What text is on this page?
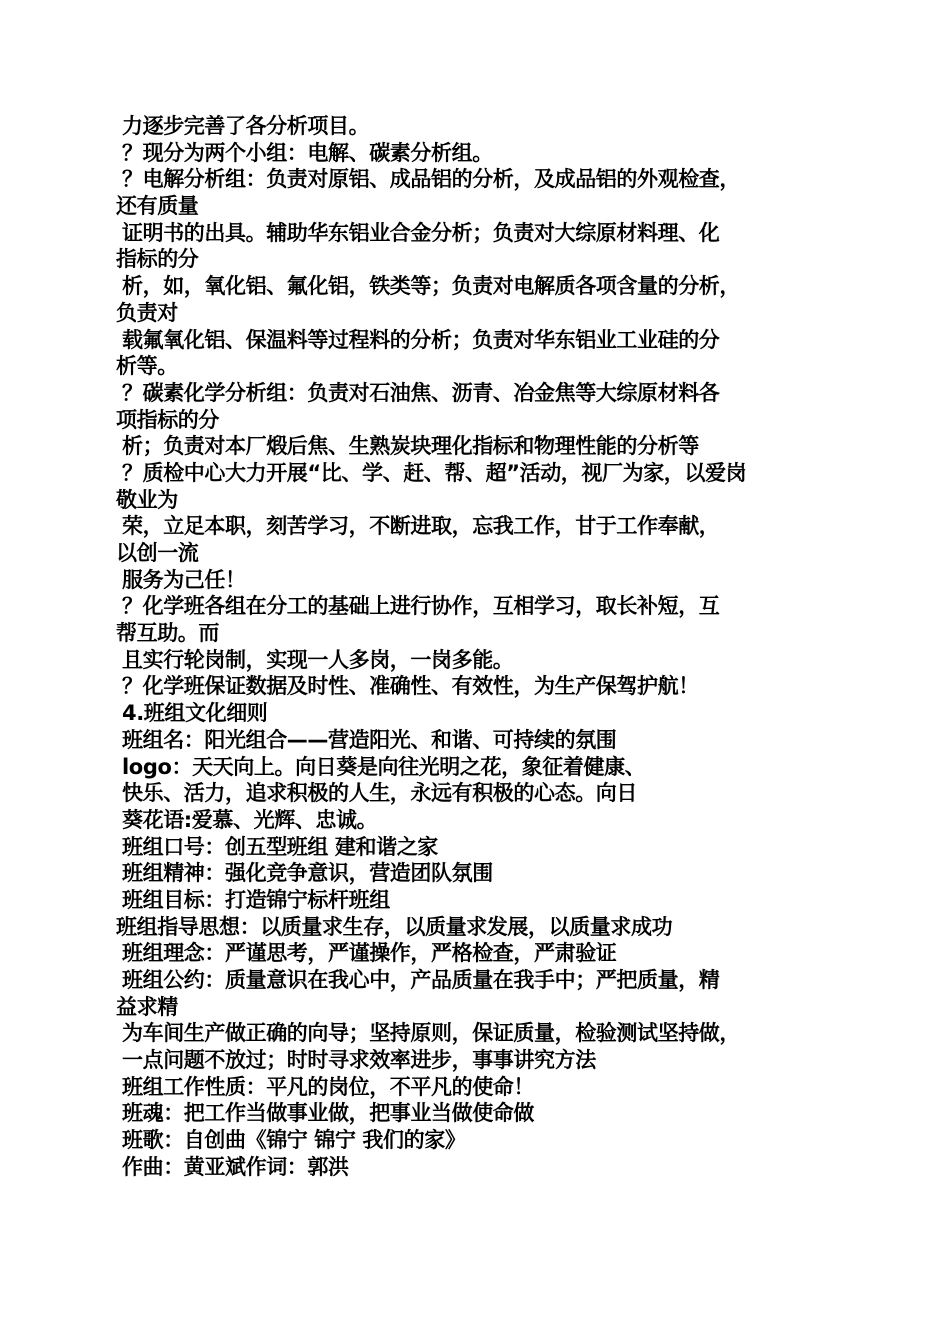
力逐步完善了各分析项目。
？现分为两个小组：电解、碳素分析组。
？电解分析组：负责对原铝、成品铝的分析，及成品铝的外观检查，
还有质量
证明书的出具。辅助华东铝业合金分析；负责对大综原材料理、化
指标的分
析，如，氧化铝、氟化铝，铁类等；负责对电解质各项含量的分析，
负责对
载氟氧化铝、保温料等过程料的分析；负责对华东铝业工业硅的分
析等。
？碳素化学分析组：负责对石油焦、沥青、冶金焦等大综原材料各
项指标的分
析；负责对本厂煅后焦、生熟炭块理化指标和物理性能的分析等
？质检中心大力开展“比、学、赶、帮、超”活动，视厂为家，以爱岗
敬业为
荣，立足本职，刻苦学习，不断进取，忘我工作，甘于工作奉献，
以创一流
服务为己任！
？化学班各组在分工的基础上进行协作，互相学习，取长补短，互
帮互助。而
且实行轮岗制，实现一人多岗，一岗多能。
？化学班保证数据及时性、准确性、有效性，为生产保驾护航！
4.班组文化细则
班组名：阳光组合——营造阳光、和谐、可持续的氛围
logo：天天向上。向日葵是向往光明之花，象征着健康、
快乐、活力，追求积极的人生，永远有积极的心态。向日
葵花语:爱慕、光辉、忠诚。
班组口号：创五型班组 建和谐之家
班组精神：强化竞争意识，营造团队氛围
班组目标：打造锦宁标杆班组
班组指导思想：以质量求生存，以质量求发展，以质量求成功
班组理念：严谨思考，严谨操作，严格检查，严肃验证
班组公约：质量意识在我心中，产品质量在我手中；严把质量，精
益求精
为车间生产做正确的向导；坚持原则，保证质量，检验测试坚持做，
一点问题不放过；时时寻求效率进步，事事讲究方法
班组工作性质：平凡的岗位，不平凡的使命！
班魂：把工作当做事业做，把事业当做使命做
班歌：自创曲《锦宁 锦宁 我们的家》
作曲：黄亚斌作词：郭洪
